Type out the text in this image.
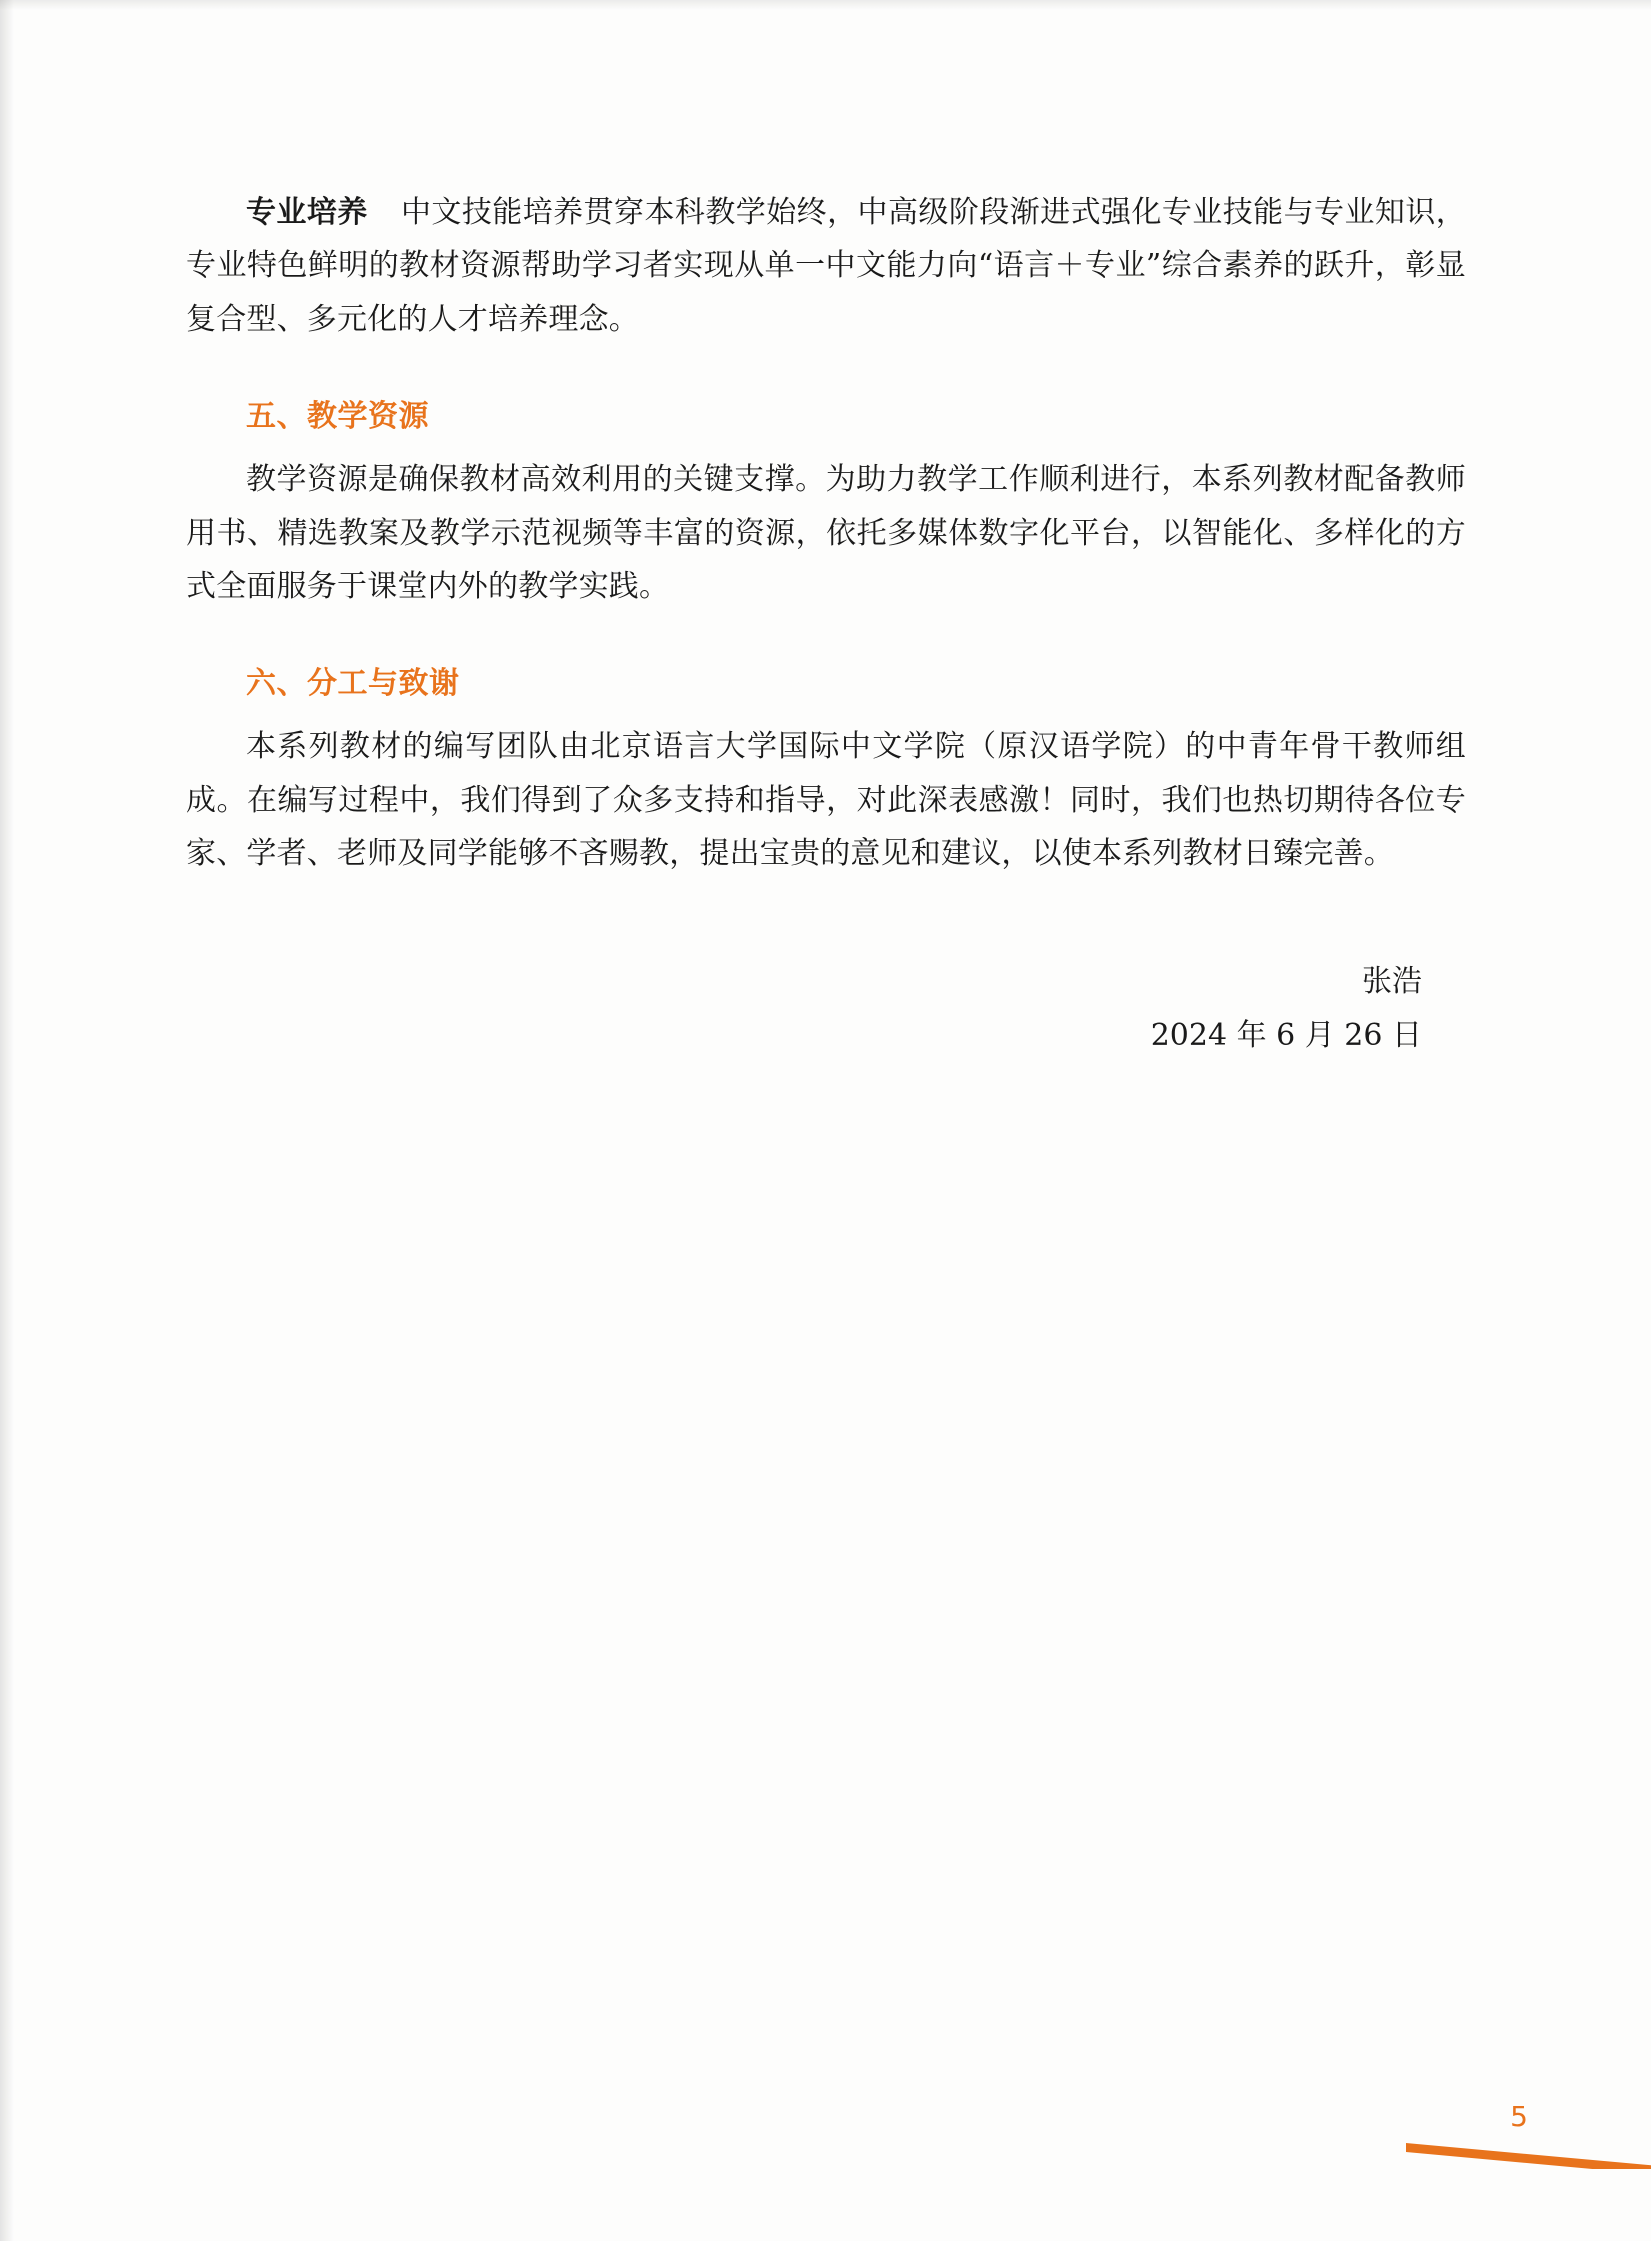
专业培养 中文技能培养贯穿本科教学始终，中高级阶段渐进式强化专业技能与专业知识，专业特色鲜明的教材资源帮助学习者实现从单一中文能力向“语言＋专业”综合素养的跃升，彰显复合型、多元化的人才培养理念。

五、教学资源

教学资源是确保教材高效利用的关键支撑。为助力教学工作顺利进行，本系列教材配备教师用书、精选教案及教学示范视频等丰富的资源，依托多媒体数字化平台，以智能化、多样化的方式全面服务于课堂内外的教学实践。

六、分工与致谢

本系列教材的编写团队由北京语言大学国际中文学院（原汉语学院）的中青年骨干教师组成。在编写过程中，我们得到了众多支持和指导，对此深表感激！同时，我们也热切期待各位专家、学者、老师及同学能够不吝赐教，提出宝贵的意见和建议，以使本系列教材日臻完善。

张浩
2024 年 6 月 26 日
5
